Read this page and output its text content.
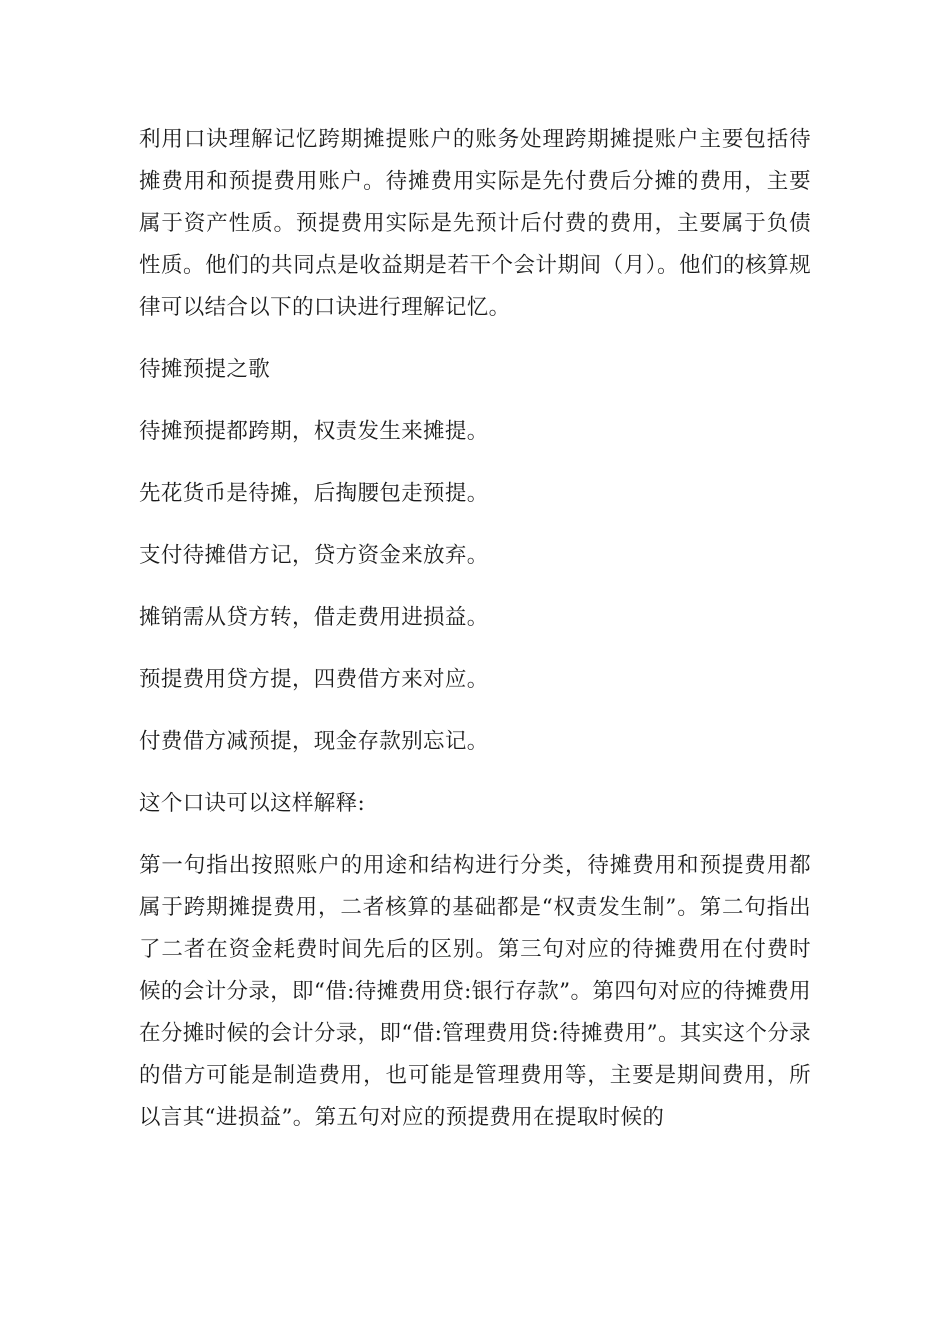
利用口诀理解记忆跨期摊提账户的账务处理跨期摊提账户主要包括待摊费用和预提费用账户。待摊费用实际是先付费后分摊的费用，主要属于资产性质。预提费用实际是先预计后付费的费用，主要属于负债性质。他们的共同点是收益期是若干个会计期间（月）。他们的核算规律可以结合以下的口诀进行理解记忆。

待摊预提之歌

待摊预提都跨期，权责发生来摊提。

先花货币是待摊，后掏腰包走预提。

支付待摊借方记，贷方资金来放弃。

摊销需从贷方转，借走费用进损益。

预提费用贷方提，四费借方来对应。

付费借方减预提，现金存款别忘记。

这个口诀可以这样解释:

第一句指出按照账户的用途和结构进行分类，待摊费用和预提费用都属于跨期摊提费用，二者核算的基础都是“权责发生制”。第二句指出了二者在资金耗费时间先后的区别。第三句对应的待摊费用在付费时候的会计分录，即“借:待摊费用贷:银行存款”。第四句对应的待摊费用在分摊时候的会计分录，即“借:管理费用贷:待摊费用”。其实这个分录的借方可能是制造费用，也可能是管理费用等，主要是期间费用，所以言其“进损益”。第五句对应的预提费用在提取时候的
